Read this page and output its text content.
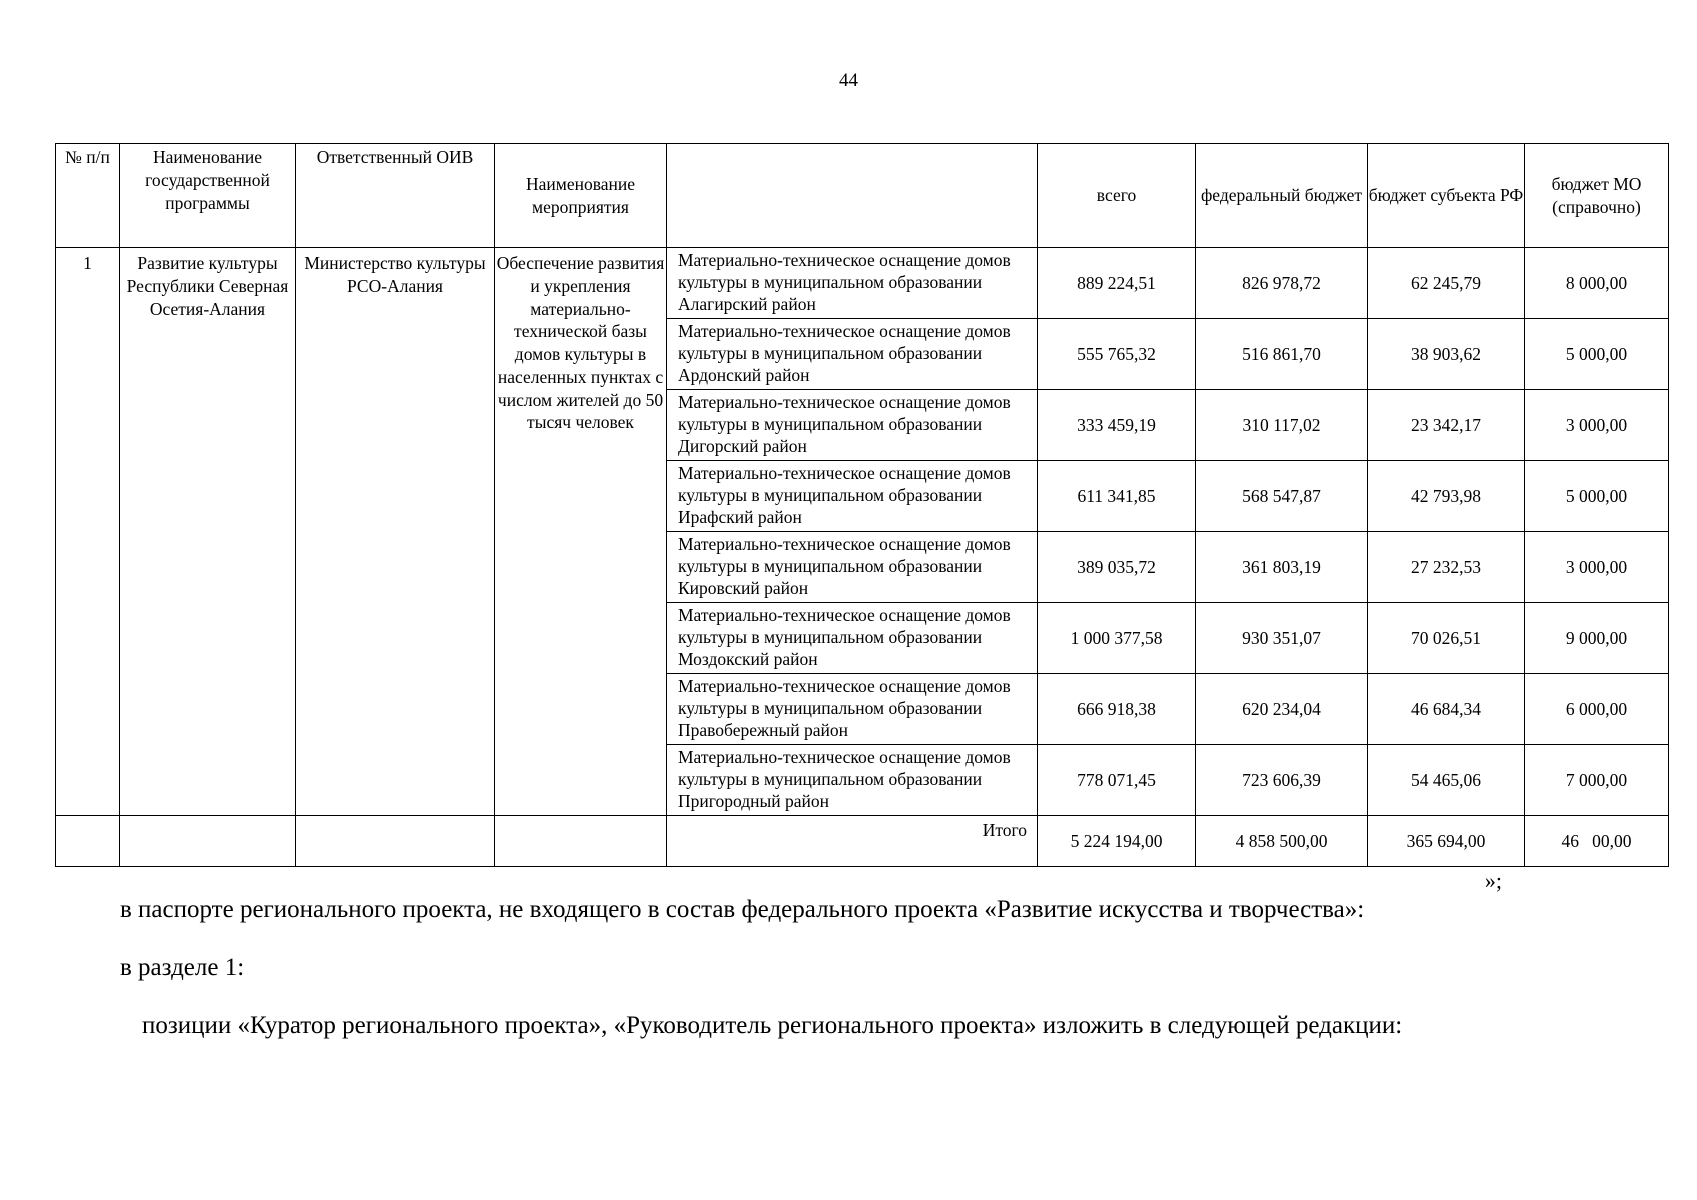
44
№ п/п	Наименование государственной программы	Ответственный ОИВ	Наименование мероприятия		всего	федеральный бюджет	бюджет субъекта РФ	бюджет МО (справочно)
1	Развитие культуры Республики Северная Осетия-Алания	Министерство культуры РСО-Алания	Обеспечение развития и укрепления материально-технической базы домов культуры в населенных пунктах с числом жителей до 50 тысяч человек	Материально-техническое оснащение домов культуры в муниципальном образовании Алагирский район	889 224,51	826 978,72	62 245,79	8 000,00
				Материально-техническое оснащение домов культуры в муниципальном образовании Ардонский район	555 765,32	516 861,70	38 903,62	5 000,00
				Материально-техническое оснащение домов культуры в муниципальном образовании Дигорский район	333 459,19	310 117,02	23 342,17	3 000,00
				Материально-техническое оснащение домов культуры в муниципальном образовании Ирафский район	611 341,85	568 547,87	42 793,98	5 000,00
				Материально-техническое оснащение домов культуры в муниципальном образовании Кировский район	389 035,72	361 803,19	27 232,53	3 000,00
				Материально-техническое оснащение домов культуры в муниципальном образовании Моздокский район	1 000 377,58	930 351,07	70 026,51	9 000,00
				Материально-техническое оснащение домов культуры в муниципальном образовании Правобережный район	666 918,38	620 234,04	46 684,34	6 000,00
				Материально-техническое оснащение домов культуры в муниципальном образовании Пригородный район	778 071,45	723 606,39	54 465,06	7 000,00
				Итого	5 224 194,00	4 858 500,00	365 694,00	46   00,00
»;
в паспорте регионального проекта, не входящего в состав федерального проекта «Развитие искусства и творчества»:
в разделе 1:
позиции «Куратор регионального проекта», «Руководитель регионального проекта» изложить в следующей редакции:
